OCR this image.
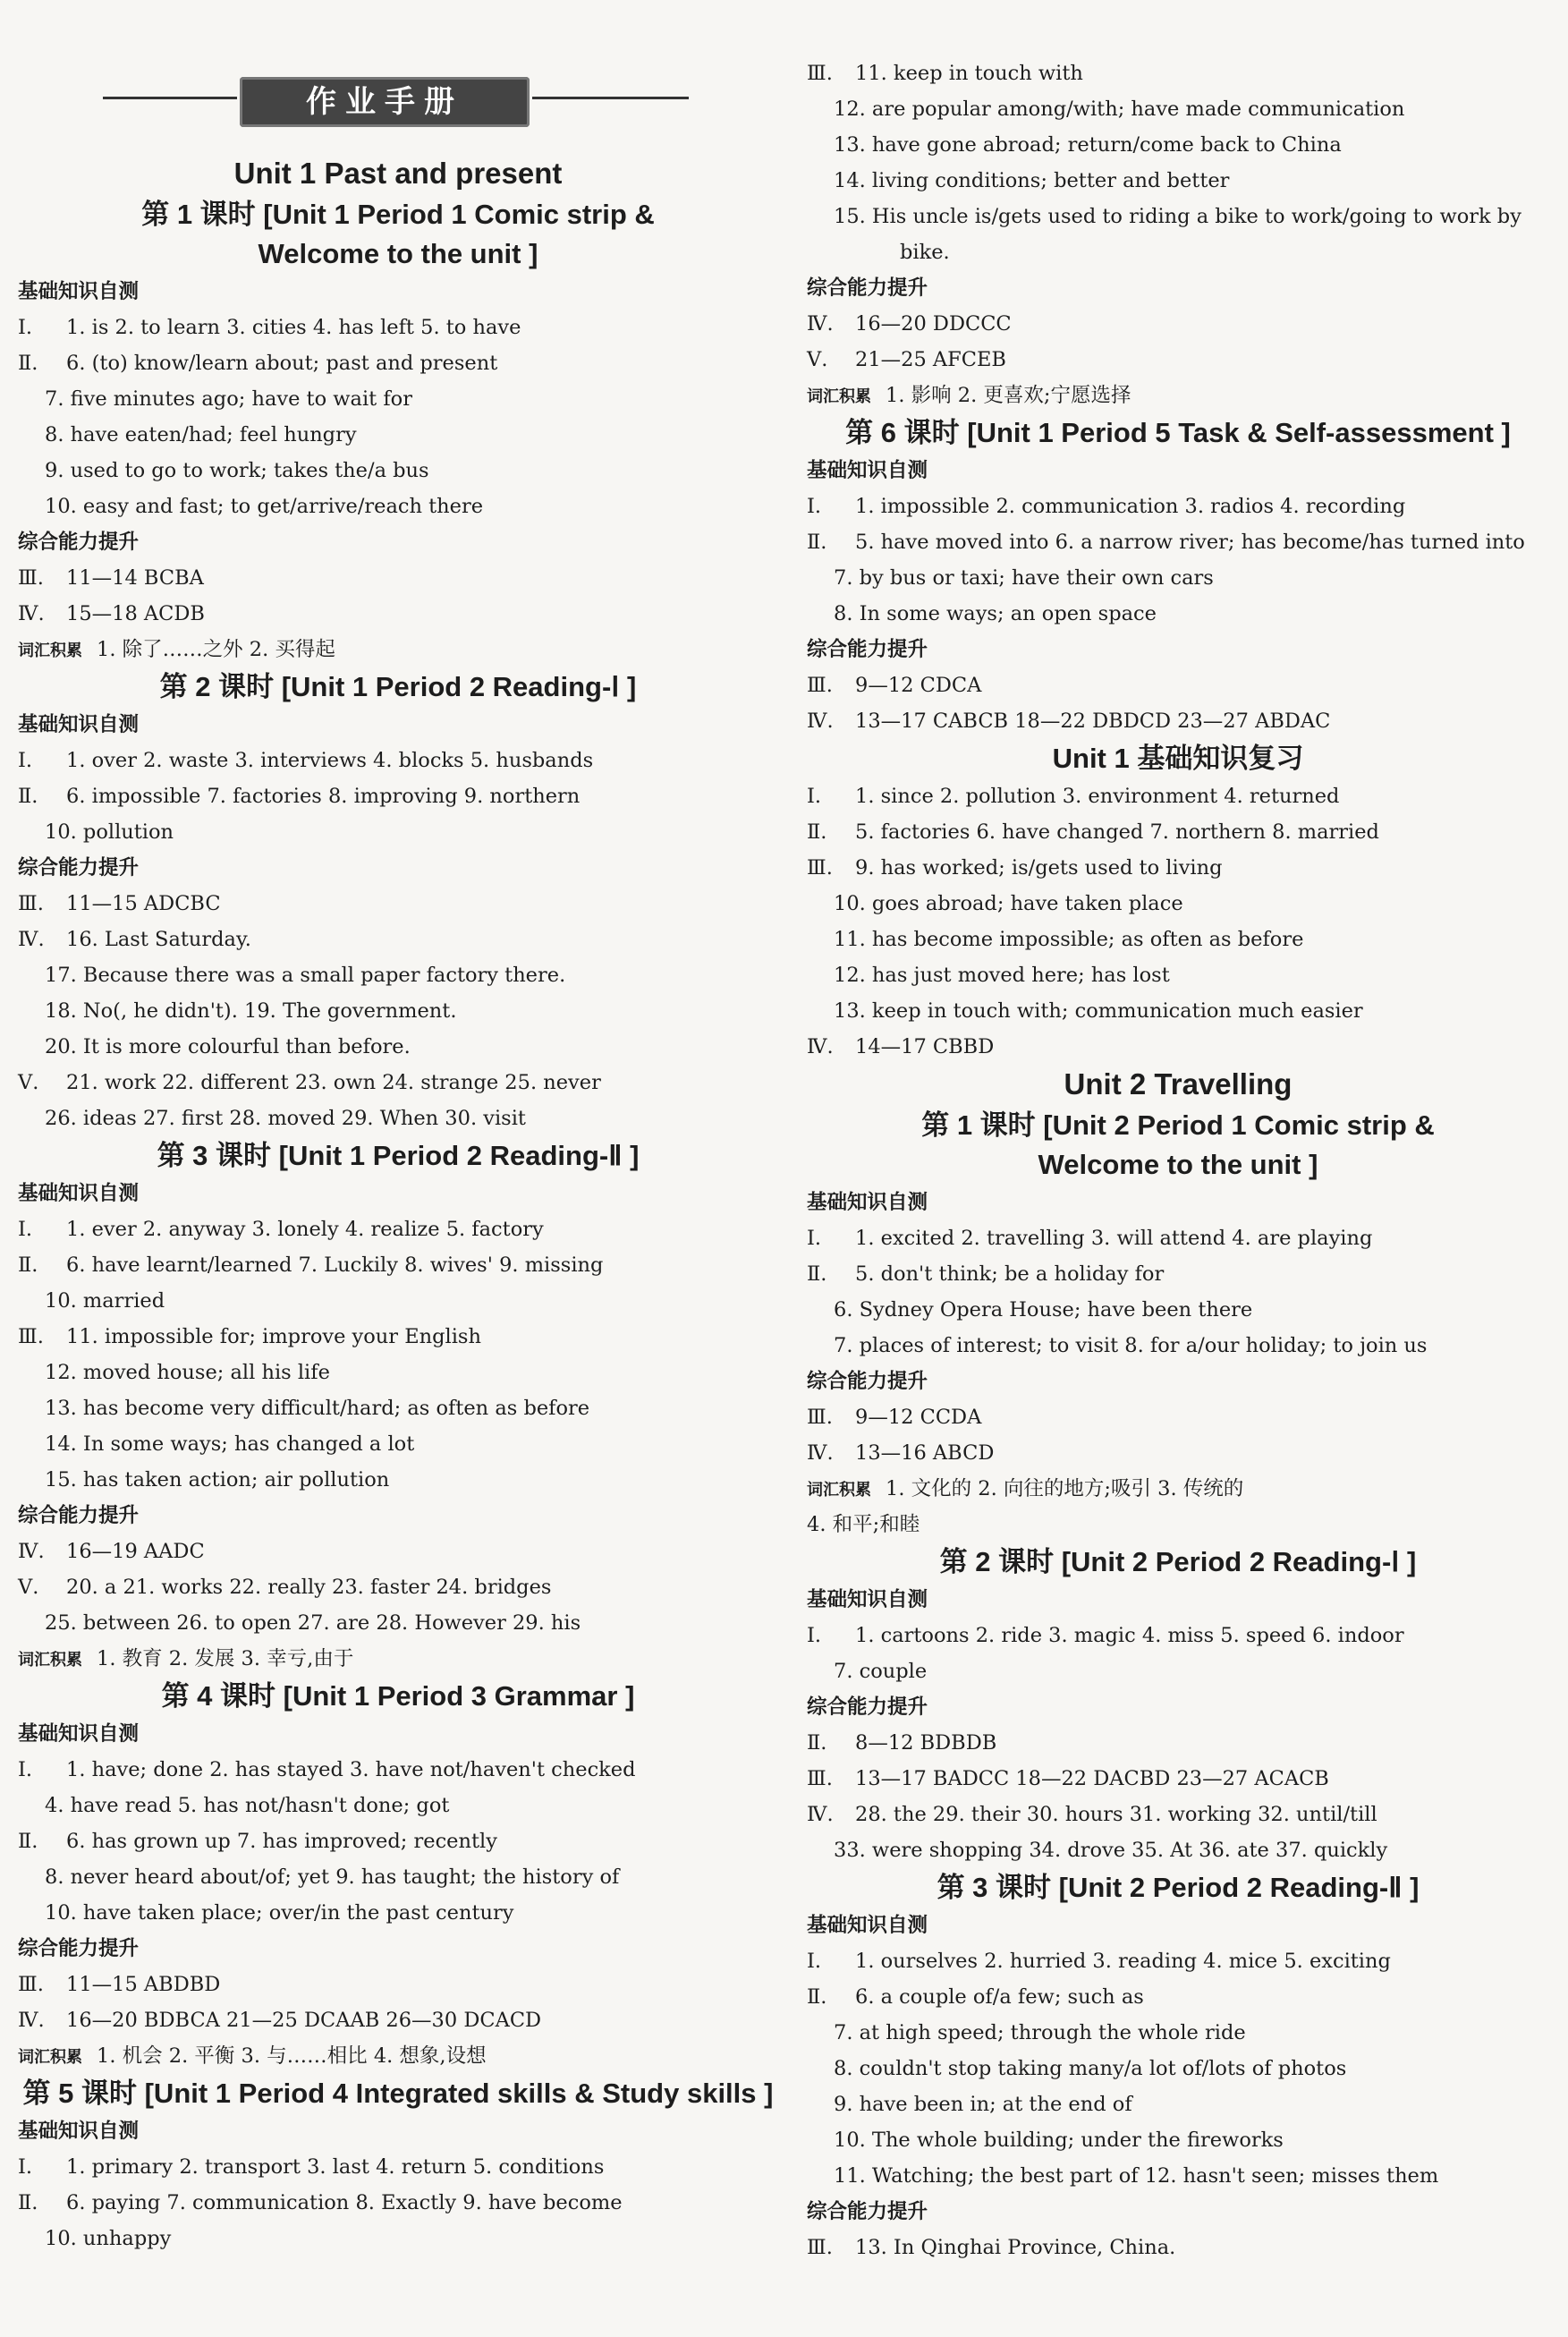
作业手册
Unit 1 Past and present
第 1 课时 [Unit 1 Period 1 Comic strip &
Welcome to the unit ]
基础知识自测
Ⅰ. 1. is 2. to learn 3. cities 4. has left 5. to have
Ⅱ. 6. (to) know/learn about; past and present
7. five minutes ago; have to wait for
8. have eaten/had; feel hungry
9. used to go to work; takes the/a bus
10. easy and fast; to get/arrive/reach there
综合能力提升
Ⅲ. 11—14 BCBA
Ⅳ. 15—18 ACDB
词汇积累 1. 除了……之外 2. 买得起
第 2 课时 [Unit 1 Period 2 Reading-Ⅰ ]
基础知识自测
Ⅰ. 1. over 2. waste 3. interviews 4. blocks 5. husbands
Ⅱ. 6. impossible 7. factories 8. improving 9. northern
10. pollution
综合能力提升
Ⅲ. 11—15 ADCBC
Ⅳ. 16. Last Saturday.
17. Because there was a small paper factory there.
18. No(, he didn't). 19. The government.
20. It is more colourful than before.
Ⅴ. 21. work 22. different 23. own 24. strange 25. never
26. ideas 27. first 28. moved 29. When 30. visit
第 3 课时 [Unit 1 Period 2 Reading-Ⅱ ]
基础知识自测
Ⅰ. 1. ever 2. anyway 3. lonely 4. realize 5. factory
Ⅱ. 6. have learnt/learned 7. Luckily 8. wives' 9. missing
10. married
Ⅲ. 11. impossible for; improve your English
12. moved house; all his life
13. has become very difficult/hard; as often as before
14. In some ways; has changed a lot
15. has taken action; air pollution
综合能力提升
Ⅳ. 16—19 AADC
Ⅴ. 20. a 21. works 22. really 23. faster 24. bridges
25. between 26. to open 27. are 28. However 29. his
词汇积累 1. 教育 2. 发展 3. 幸亏,由于
第 4 课时 [Unit 1 Period 3 Grammar ]
基础知识自测
Ⅰ. 1. have; done 2. has stayed 3. have not/haven't checked
4. have read 5. has not/hasn't done; got
Ⅱ. 6. has grown up 7. has improved; recently
8. never heard about/of; yet 9. has taught; the history of
10. have taken place; over/in the past century
综合能力提升
Ⅲ. 11—15 ABDBD
Ⅳ. 16—20 BDBCA 21—25 DCAAB 26—30 DCACD
词汇积累 1. 机会 2. 平衡 3. 与……相比 4. 想象,设想
第 5 课时 [Unit 1 Period 4 Integrated skills & Study skills ]
基础知识自测
Ⅰ. 1. primary 2. transport 3. last 4. return 5. conditions
Ⅱ. 6. paying 7. communication 8. Exactly 9. have become
10. unhappy
Ⅲ. 11. keep in touch with
12. are popular among/with; have made communication
13. have gone abroad; return/come back to China
14. living conditions; better and better
15. His uncle is/gets used to riding a bike to work/going to work by
bike.
综合能力提升
Ⅳ. 16—20 DDCCC
Ⅴ. 21—25 AFCEB
词汇积累 1. 影响 2. 更喜欢;宁愿选择
第 6 课时 [Unit 1 Period 5 Task & Self-assessment ]
基础知识自测
Ⅰ. 1. impossible 2. communication 3. radios 4. recording
Ⅱ. 5. have moved into 6. a narrow river; has become/has turned into
7. by bus or taxi; have their own cars
8. In some ways; an open space
综合能力提升
Ⅲ. 9—12 CDCA
Ⅳ. 13—17 CABCB 18—22 DBDCD 23—27 ABDAC
Unit 1 基础知识复习
Ⅰ. 1. since 2. pollution 3. environment 4. returned
Ⅱ. 5. factories 6. have changed 7. northern 8. married
Ⅲ. 9. has worked; is/gets used to living
10. goes abroad; have taken place
11. has become impossible; as often as before
12. has just moved here; has lost
13. keep in touch with; communication much easier
Ⅳ. 14—17 CBBD
Unit 2 Travelling
第 1 课时 [Unit 2 Period 1 Comic strip &
Welcome to the unit ]
基础知识自测
Ⅰ. 1. excited 2. travelling 3. will attend 4. are playing
Ⅱ. 5. don't think; be a holiday for
6. Sydney Opera House; have been there
7. places of interest; to visit 8. for a/our holiday; to join us
综合能力提升
Ⅲ. 9—12 CCDA
Ⅳ. 13—16 ABCD
词汇积累 1. 文化的 2. 向往的地方;吸引 3. 传统的
4. 和平;和睦
第 2 课时 [Unit 2 Period 2 Reading-Ⅰ ]
基础知识自测
Ⅰ. 1. cartoons 2. ride 3. magic 4. miss 5. speed 6. indoor
7. couple
综合能力提升
Ⅱ. 8—12 BDBDB
Ⅲ. 13—17 BADCC 18—22 DACBD 23—27 ACACB
Ⅳ. 28. the 29. their 30. hours 31. working 32. until/till
33. were shopping 34. drove 35. At 36. ate 37. quickly
第 3 课时 [Unit 2 Period 2 Reading-Ⅱ ]
基础知识自测
Ⅰ. 1. ourselves 2. hurried 3. reading 4. mice 5. exciting
Ⅱ. 6. a couple of/a few; such as
7. at high speed; through the whole ride
8. couldn't stop taking many/a lot of/lots of photos
9. have been in; at the end of
10. The whole building; under the fireworks
11. Watching; the best part of 12. hasn't seen; misses them
综合能力提升
Ⅲ. 13. In Qinghai Province, China.
